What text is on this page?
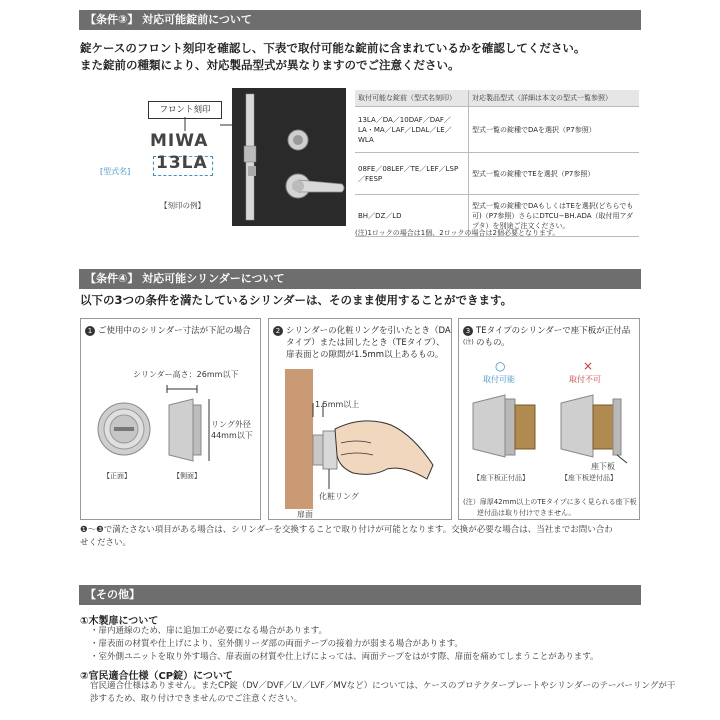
【条件③】 対応可能錠前について
錠ケースのフロント刻印を確認し、下表で取付可能な錠前に含まれているかを確認してください。
また錠前の種類により、対応製品型式が異なりますのでご注意ください。
フロント刻印
MIWA
13LA
[型式名]
【刻印の例】
取付可能な錠前（型式名刻印）	対応製品型式（詳細は本文の型式一覧参照）
13LA／DA／10DAF／DAF／LA・MA／LAF／LDAL／LE／WLA	型式一覧の錠種でDAを選択（P7参照）
08FE／08LEF／TE／LEF／LSP／FESP	型式一覧の錠種でTEを選択（P7参照）
BH／DZ／LD	型式一覧の錠種でDAもしくはTEを選択(どちらでも可)（P7参照）さらにDTCU−BH.ADA（取付用アダプタ）を別途ご注文ください。
(注)1ロックの場合は1個、2ロックの場合は2個必要となります。
【条件④】 対応可能シリンダーについて
以下の3つの条件を満たしているシリンダーは、そのまま使用することができます。
1 ご使用中のシリンダー寸法が下記の場合
シリンダー高さ：26mm以下
リング外径
44mm以下
【正面】	【側面】
2 シリンダーの化粧リングを引いたとき（DA
タイプ）または回したとき（TEタイプ）、
扉表面との隙間が1.5mm以上あるもの。
1.5mm以上
化粧リング
扉面
3 TEタイプのシリンダーで座下板が正付品$^{(注)}$ のもの。
○
取付可能
×
取付不可
座下板
【座下板正付品】	【座下板逆付品】
(注）扉厚42mm以上のTEタイプに多く見られる座下板
逆付品は取り付けできません。
❶〜❸で満たさない項目がある場合は、シリンダーを交換することで取り付けが可能となります。交換が必要な場合は、当社までお問い合わ
せください。
【その他】
①木製扉について
・扉内通線のため、扉に追加工が必要になる場合があります。
・扉表面の材質や仕上げにより、室外側リーダ部の両面テープの接着力が弱まる場合があります。
・室外側ユニットを取り外す場合、扉表面の材質や仕上げによっては、両面テープをはがす際、扉面を痛めてしまうことがあります。
②官民適合仕様（CP錠）について
官民適合仕様はありません。またCP錠（DV／DVF／LV／LVF／MVなど）については、ケースのプロテクタープレートやシリンダーのテーパーリングが干
渉するため、取り付けできませんのでご注意ください。
